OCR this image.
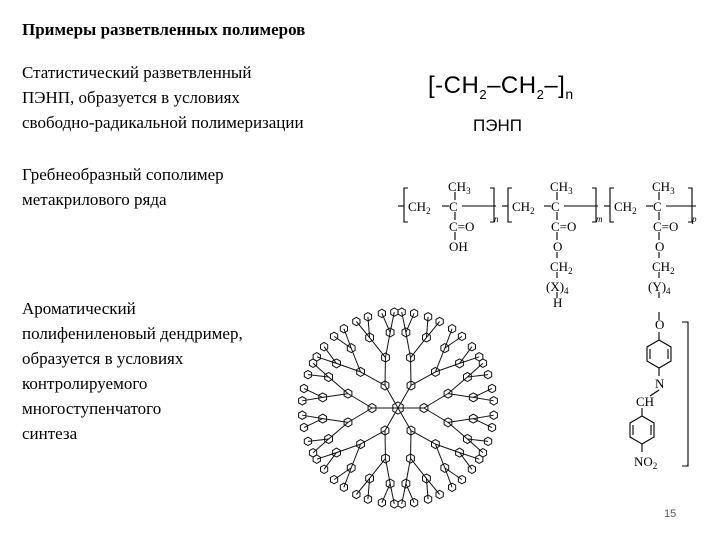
Примеры разветвленных полимеров
Статистический разветвленный
ПЭНП, образуется в условиях
свободно-радикальной полимеризации
Гребнеобразный сополимер
метакрилового ряда
Ароматический
полифениленовый дендример,
образуется в условиях
контролируемого
многоступенчатого
синтеза
$[-CH_2-CH_2-]_n$
ПЭНП
$CH_2$ C
$CH_3$
C=O
OH
n
$CH_2$ C
$CH_3$
C=O
O
$CH_2$
$(X)_4$
H
m
$CH_2$ C
$CH_3$
C=O
O
$CH_2$
$(Y)_4$
O
N
CH
$NO_2$
p
15
